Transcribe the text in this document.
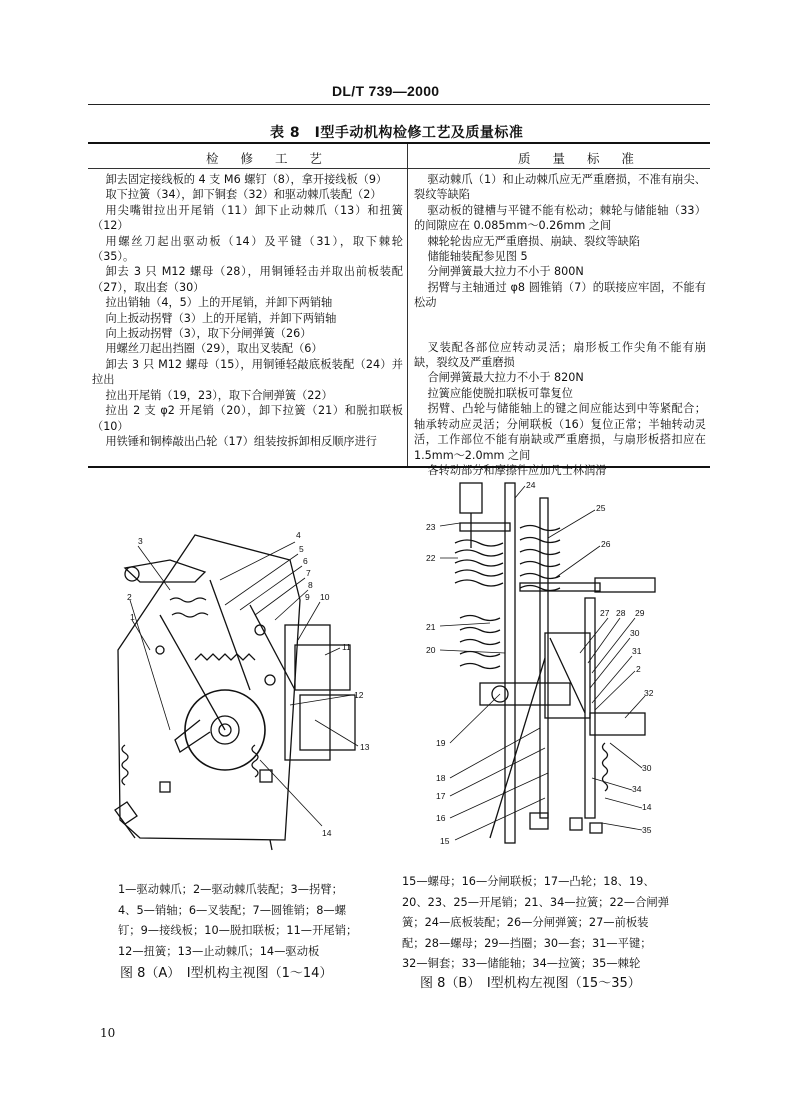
DL/T 739—2000
表 8　Ⅰ型手动机构检修工艺及质量标准
检 修 工 艺	质 量 标 准

卸去固定接线板的 4 支 M6 螺钉（8），拿开接线板（9）

取下拉簧（34），卸下铜套（32）和驱动棘爪装配（2）

用尖嘴钳拉出开尾销（11）卸下止动棘爪（13）和扭簧（12）

用螺丝刀起出驱动板（14）及平键（31），取下棘轮（35）。

卸去 3 只 M12 螺母（28），用铜锤轻击并取出前板装配（27），取出套（30）

拉出销轴（4，5）上的开尾销，并卸下两销轴

向上扳动拐臂（3）上的开尾销，并卸下两销轴

向上扳动拐臂（3），取下分闸弹簧（26）

用螺丝刀起出挡圈（29），取出叉装配（6）

卸去 3 只 M12 螺母（15），用铜锤轻敲底板装配（24）并拉出

拉出开尾销（19，23），取下合闸弹簧（22）

拉出 2 支 φ2 开尾销（20），卸下拉簧（21）和脱扣联板（10）

用铁锤和铜棒敲出凸轮（17）组装按拆卸相反顺序进行

驱动棘爪（1）和止动棘爪应无严重磨损，不准有崩尖、裂纹等缺陷

驱动板的键槽与平键不能有松动；棘轮与储能轴（33）的间隙应在 0.085mm～0.26mm 之间

棘轮轮齿应无严重磨损、崩缺、裂纹等缺陷

储能轴装配参见图 5

分闸弹簧最大拉力不小于 800N

拐臂与主轴通过 φ8 圆锥销（7）的联接应牢固，不能有松动

叉装配各部位应转动灵活；扇形板工作尖角不能有崩缺，裂纹及严重磨损

合闸弹簧最大拉力不小于 820N

拉簧应能使脱扣联板可靠复位

拐臂、凸轮与储能轴上的键之间应能达到中等紧配合；轴承转动应灵活；分闸联板（16）复位正常；半轴转动灵活，工作部位不能有崩缺或严重磨损，与扇形板搭扣应在 1.5mm～2.0mm 之间

各转动部分和摩擦件应加凡士林润滑

3
2
1
4
5
6
7
8
9 10
11
12
13
14
24
25
26
23
22
21
20
27 28 29
30
31
2
32
19
18
17
16
15
30
34
14
35
1—驱动棘爪；2—驱动棘爪装配；3—拐臂；
4、5—销轴；6—叉装配；7—圆锥销；8—螺
钉；9—接线板；10—脱扣联板；11—开尾销；
12—扭簧；13—止动棘爪；14—驱动板
图 8（A）　Ⅰ型机构主视图（1～14）
15—螺母；16—分闸联板；17—凸轮；18、19、
20、23、25—开尾销；21、34—拉簧；22—合闸弹
簧；24—底板装配；26—分闸弹簧；27—前板装
配；28—螺母；29—挡圈；30—套；31—平键；
32—铜套；33—储能轴；34—拉簧；35—棘轮
图 8（B）　Ⅰ型机构左视图（15～35）
10
